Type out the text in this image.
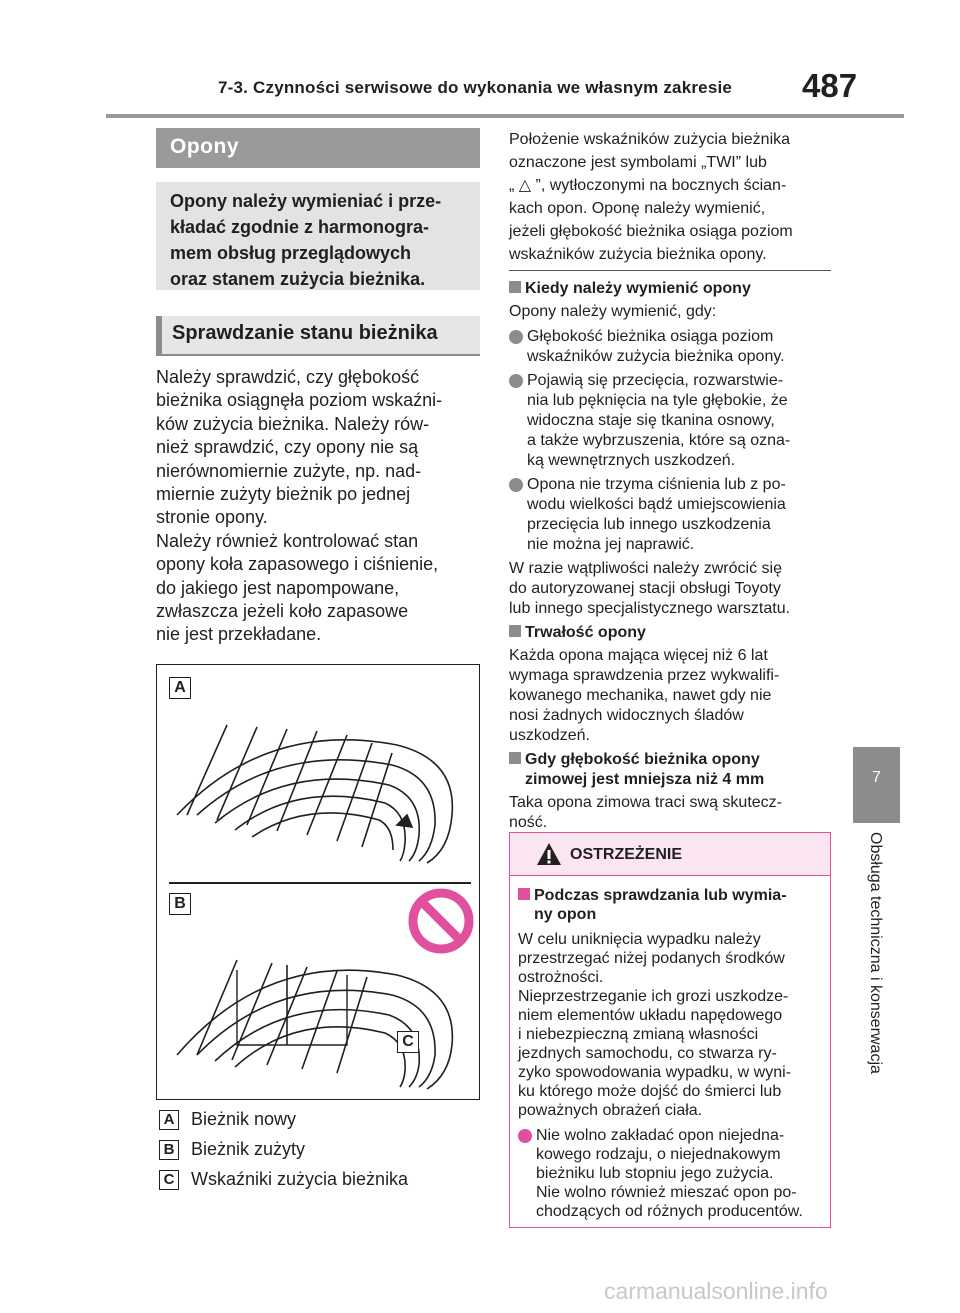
7-3. Czynności serwisowe do wykonania we własnym zakresie 487
7
Obsługa techniczna i konserwacja
Opony
Opony należy wymieniać i prze-
kładać zgodnie z harmonogra-
mem obsług przeglądowych
oraz stanem zużycia bieżnika.
Sprawdzanie stanu bieżnika

Należy sprawdzić, czy głębokość

bieżnika osiągnęła poziom wskaźni-

ków zużycia bieżnika. Należy rów-

nież sprawdzić, czy opony nie są

nierównomiernie zużyte, np. nad-

miernie zużyty bieżnik po jednej

stronie opony.

Należy również kontrolować stan

opony koła zapasowego i ciśnienie,

do jakiego jest napompowane,

zwłaszcza jeżeli koło zapasowe

nie jest przekładane.

A
B
C
A Bieżnik nowy
B Bieżnik zużyty
C Wskaźniki zużycia bieżnika

Położenie wskaźników zużycia bieżnika

oznaczone jest symbolami „TWI” lub

„ △ ”, wytłoczonymi na bocznych ścian-

kach opon. Oponę należy wymienić,

jeżeli głębokość bieżnika osiąga poziom

wskaźników zużycia bieżnika opony.

Kiedy należy wymienić opony

Opony należy wymienić, gdy:

Głębokość bieżnika osiąga poziom

wskaźników zużycia bieżnika opony.

Pojawią się przecięcia, rozwarstwie-

nia lub pęknięcia na tyle głębokie, że

widoczna staje się tkanina osnowy,

a także wybrzuszenia, które są ozna-

ką wewnętrznych uszkodzeń.

Opona nie trzyma ciśnienia lub z po-

wodu wielkości bądź umiejscowienia

przecięcia lub innego uszkodzenia

nie można jej naprawić.

W razie wątpliwości należy zwrócić się

do autoryzowanej stacji obsługi Toyoty

lub innego specjalistycznego warsztatu.

Trwałość opony

Każda opona mająca więcej niż 6 lat

wymaga sprawdzenia przez wykwalifi-

kowanego mechanika, nawet gdy nie

nosi żadnych widocznych śladów

uszkodzeń.

Gdy głębokość bieżnika opony

zimowej jest mniejsza niż 4 mm

Taka opona zimowa traci swą skutecz-

ność.

OSTRZEŻENIE

Podczas sprawdzania lub wymia-

ny opon

W celu uniknięcia wypadku należy

przestrzegać niżej podanych środków

ostrożności.

Nieprzestrzeganie ich grozi uszkodze-

niem elementów układu napędowego

i niebezpieczną zmianą własności

jezdnych samochodu, co stwarza ry-

zyko spowodowania wypadku, w wyni-

ku którego może dojść do śmierci lub

poważnych obrażeń ciała.

Nie wolno zakładać opon niejedna-

kowego rodzaju, o niejednakowym

bieżniku lub stopniu jego zużycia.

Nie wolno również mieszać opon po-

chodzących od różnych producentów.

carmanualsonline.info
